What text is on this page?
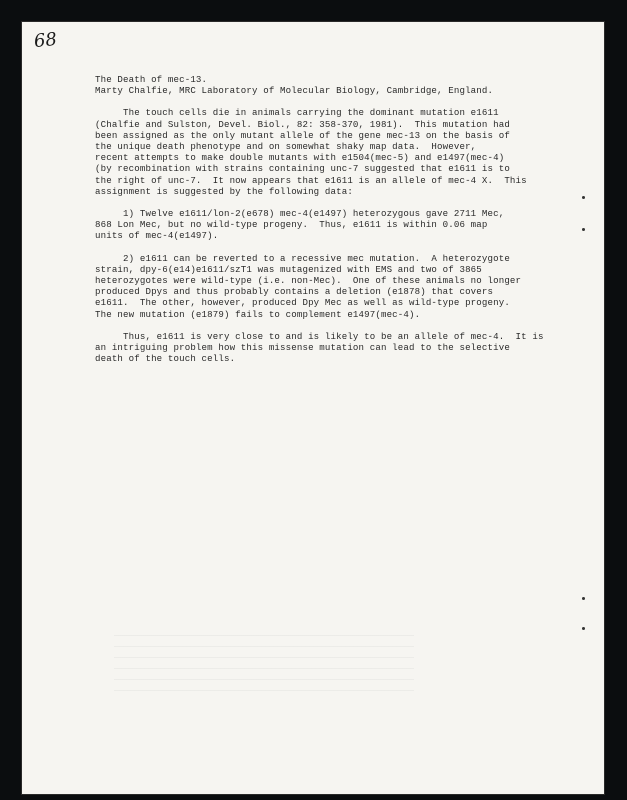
68
The Death of mec-13.
Marty Chalfie, MRC Laboratory of Molecular Biology, Cambridge, England.
The touch cells die in animals carrying the dominant mutation e1611
(Chalfie and Sulston, Devel. Biol., 82: 358-370, 1981).  This mutation had
been assigned as the only mutant allele of the gene mec-13 on the basis of
the unique death phenotype and on somewhat shaky map data.  However,
recent attempts to make double mutants with e1504(mec-5) and e1497(mec-4)
(by recombination with strains containing unc-7 suggested that e1611 is to
the right of unc-7.  It now appears that e1611 is an allele of mec-4 X.  This
assignment is suggested by the following data:
1) Twelve e1611/lon-2(e678) mec-4(e1497) heterozygous gave 2711 Mec,
868 Lon Mec, but no wild-type progeny.  Thus, e1611 is within 0.06 map
units of mec-4(e1497).
2) e1611 can be reverted to a recessive mec mutation.  A heterozygote
strain, dpy-6(e14)e1611/szT1 was mutagenized with EMS and two of 3865
heterozygotes were wild-type (i.e. non-Mec).  One of these animals no longer
produced Dpys and thus probably contains a deletion (e1878) that covers
e1611.  The other, however, produced Dpy Mec as well as wild-type progeny.
The new mutation (e1879) fails to complement e1497(mec-4).
Thus, e1611 is very close to and is likely to be an allele of mec-4.  It is
an intriguing problem how this missense mutation can lead to the selective
death of the touch cells.
